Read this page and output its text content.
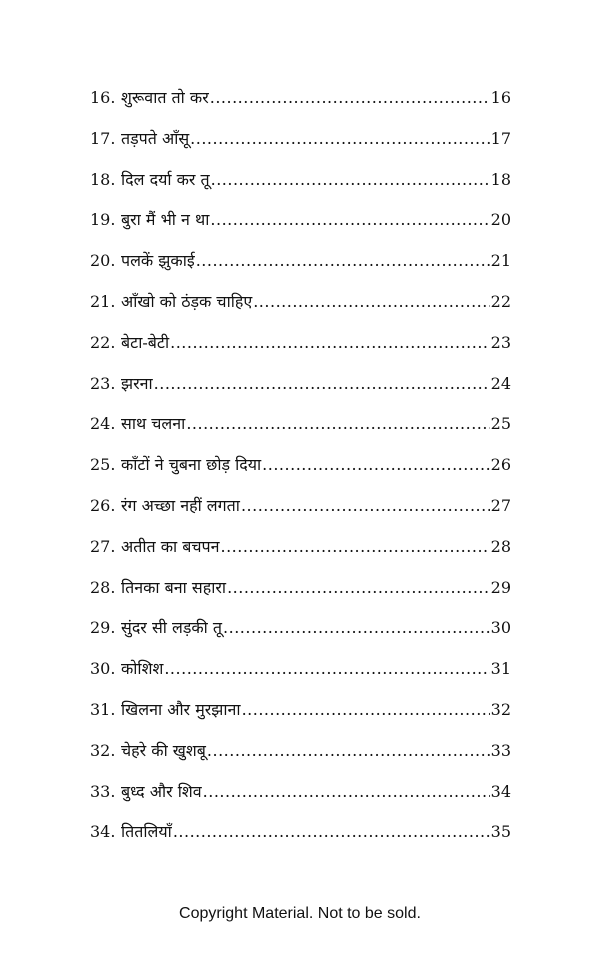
16. शुरूवात तो कर .....	16
17. तड़पते आँसू .....	17
18. दिल दर्या कर तू .....	18
19. बुरा मैं भी न था .....	20
20. पलकें झुकाई .....	21
21. आँखो को ठंड़क चाहिए .....	22
22. बेटा-बेटी .....	23
23. झरना .....	24
24. साथ चलना .....	25
25. काँटों ने चुबना छोड़ दिया .....	26
26. रंग अच्छा नहीं लगता .....	27
27. अतीत का बचपन .....	28
28. तिनका बना सहारा .....	29
29. सुंदर सी लड़की तू .....	30
30. कोशिश .....	31
31. खिलना और मुरझाना .....	32
32. चेहरे की खुशबू .....	33
33. बुध्द और शिव .....	34
34. तितलियाँ .....	35
Copyright Material. Not to be sold.
